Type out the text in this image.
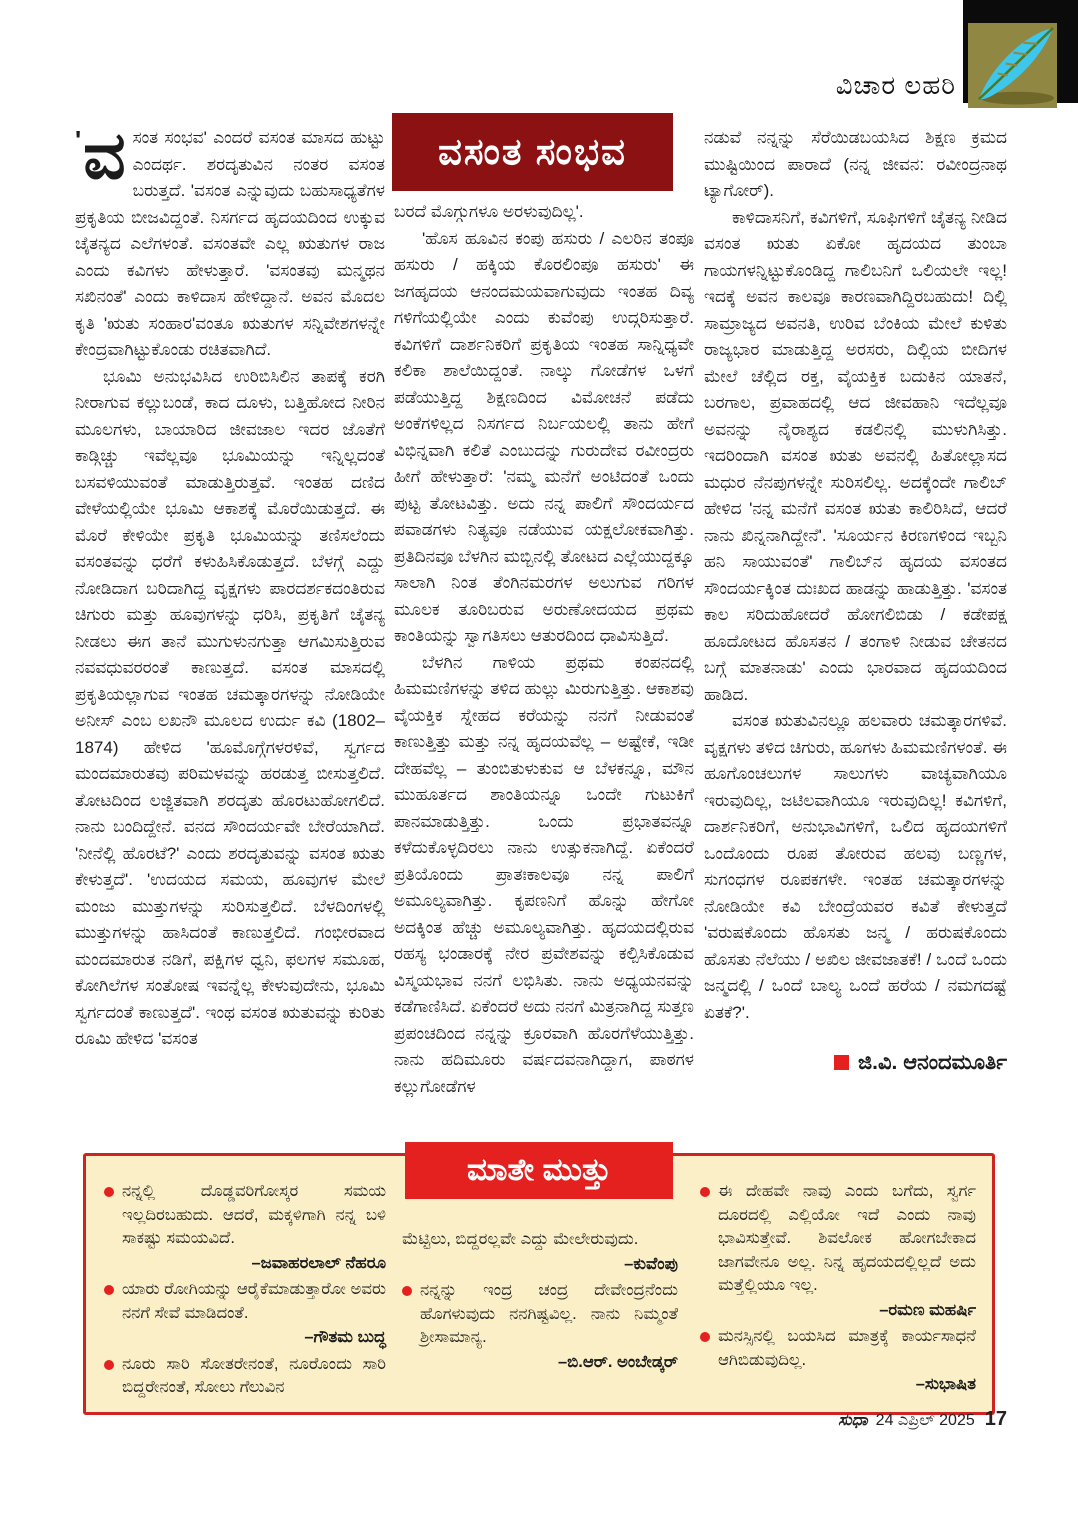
ವಿಚಾರ ಲಹರಿ
ವಸಂತ ಸಂಭವ

' ವ ಸಂತ ಸಂಭವ' ಎಂದರೆ ವಸಂತ ಮಾಸದ ಹುಟ್ಟು ಎಂದರ್ಥ. ಶರದೃತುವಿನ ನಂತರ ವಸಂತ ಬರುತ್ತದೆ. 'ವಸಂತ ಎನ್ನುವುದು ಬಹುಸಾಧ್ಯತೆಗಳ ಪ್ರಕೃತಿಯ ಬೀಜವಿದ್ದಂತೆ. ನಿಸರ್ಗದ ಹೃದಯದಿಂದ ಉಕ್ಕುವ ಚೈತನ್ಯದ ಎಲೆಗಳಂತೆ. ವಸಂತವೇ ಎಲ್ಲ ಋತುಗಳ ರಾಜ ಎಂದು ಕವಿಗಳು ಹೇಳುತ್ತಾರೆ. 'ವಸಂತವು ಮನ್ಮಥನ ಸಖಿನಂತೆ' ಎಂದು ಕಾಳಿದಾಸ ಹೇಳಿದ್ದಾನೆ. ಅವನ ಮೊದಲ ಕೃತಿ 'ಋತು ಸಂಹಾರ'ವಂತೂ ಋತುಗಳ ಸನ್ನಿವೇಶಗಳನ್ನೇ ಕೇಂದ್ರವಾಗಿಟ್ಟುಕೊಂಡು ರಚಿತವಾಗಿದೆ.

ಭೂಮಿ ಅನುಭವಿಸಿದ ಉರಿಬಿಸಿಲಿನ ತಾಪಕ್ಕೆ ಕರಗಿ ನೀರಾಗುವ ಕಲ್ಲುಬಂಡೆ, ಕಾದ ದೂಳು, ಬತ್ತಿಹೋದ ನೀರಿನ ಮೂಲಗಳು, ಬಾಯಾರಿದ ಜೀವಜಾಲ ಇದರ ಜೊತೆಗೆ ಕಾಡ್ಗಿಚ್ಚು ಇವೆಲ್ಲವೂ ಭೂಮಿಯನ್ನು ಇನ್ನಿಲ್ಲದಂತೆ ಬಸವಳಿಯುವಂತೆ ಮಾಡುತ್ತಿರುತ್ತವೆ. ಇಂತಹ ದಣಿದ ವೇಳೆಯಲ್ಲಿಯೇ ಭೂಮಿ ಆಕಾಶಕ್ಕೆ ಮೊರೆಯಿಡುತ್ತದೆ. ಈ ಮೊರೆ ಕೇಳಿಯೇ ಪ್ರಕೃತಿ ಭೂಮಿಯನ್ನು ತಣಿಸಲೆಂದು ವಸಂತವನ್ನು ಧರೆಗೆ ಕಳುಹಿಸಿಕೊಡುತ್ತದೆ. ಬೆಳಗ್ಗೆ ಎದ್ದು ನೋಡಿದಾಗ ಬರಿದಾಗಿದ್ದ ವೃಕ್ಷಗಳು ಪಾರದರ್ಶಕದಂತಿರುವ ಚಿಗುರು ಮತ್ತು ಹೂವುಗಳನ್ನು ಧರಿಸಿ, ಪ್ರಕೃತಿಗೆ ಚೈತನ್ಯ ನೀಡಲು ಈಗ ತಾನೆ ಮುಗುಳುನಗುತ್ತಾ ಆಗಮಿಸುತ್ತಿರುವ ನವವಧುವರರಂತೆ ಕಾಣುತ್ತದೆ. ವಸಂತ ಮಾಸದಲ್ಲಿ ಪ್ರಕೃತಿಯಲ್ಲಾಗುವ ಇಂತಹ ಚಮತ್ಕಾರಗಳನ್ನು ನೋಡಿಯೇ ಅನೀಸ್ ಎಂಬ ಲಖನೌ ಮೂಲದ ಉರ್ದು ಕವಿ (1802–1874) ಹೇಳಿದ 'ಹೂಮೊಗ್ಗೆಗಳರಳಿವೆ, ಸ್ವರ್ಗದ ಮಂದಮಾರುತವು ಪರಿಮಳವನ್ನು ಹರಡುತ್ತ ಬೀಸುತ್ತಲಿದೆ. ತೋಟದಿಂದ ಲಜ್ಜಿತವಾಗಿ ಶರದೃತು ಹೊರಟುಹೋಗಲಿದೆ. ನಾನು ಬಂದಿದ್ದೇನೆ. ವನದ ಸೌಂದರ್ಯವೇ ಬೇರೆಯಾಗಿದೆ. 'ನೀನೆಲ್ಲಿ ಹೊರಟೆ?' ಎಂದು ಶರದೃತುವನ್ನು ವಸಂತ ಋತು ಕೇಳುತ್ತದೆ'. 'ಉದಯದ ಸಮಯ, ಹೂವುಗಳ ಮೇಲೆ ಮಂಜು ಮುತ್ತುಗಳನ್ನು ಸುರಿಸುತ್ತಲಿದೆ. ಬೆಳದಿಂಗಳಲ್ಲಿ ಮುತ್ತುಗಳನ್ನು ಹಾಸಿದಂತೆ ಕಾಣುತ್ತಲಿದೆ. ಗಂಭೀರವಾದ ಮಂದಮಾರುತ ನಡಿಗೆ, ಪಕ್ಷಿಗಳ ಧ್ವನಿ, ಫಲಗಳ ಸಮೂಹ, ಕೋಗಿಲೆಗಳ ಸಂತೋಷ ಇವನ್ನೆಲ್ಲ ಕೇಳುವುದೇನು, ಭೂಮಿ ಸ್ವರ್ಗದಂತೆ ಕಾಣುತ್ತದೆ'. ಇಂಥ ವಸಂತ ಋತುವನ್ನು ಕುರಿತು ರೂಮಿ ಹೇಳಿದ 'ವಸಂತ

ಬರದೆ ಮೊಗ್ಗುಗಳೂ ಅರಳುವುದಿಲ್ಲ'.

'ಹೊಸ ಹೂವಿನ ಕಂಪು ಹಸುರು / ಎಲರಿನ ತಂಪೂ ಹಸುರು / ಹಕ್ಕಿಯ ಕೊರಲಿಂಪೂ ಹಸುರು' ಈ ಜಗಹೃದಯ ಆನಂದಮಯವಾಗುವುದು ಇಂತಹ ದಿವ್ಯ ಗಳಿಗೆಯಲ್ಲಿಯೇ ಎಂದು ಕುವೆಂಪು ಉದ್ಗರಿಸುತ್ತಾರೆ. ಕವಿಗಳಿಗೆ ದಾರ್ಶನಿಕರಿಗೆ ಪ್ರಕೃತಿಯ ಇಂತಹ ಸಾನ್ನಿಧ್ಯವೇ ಕಲಿಕಾ ಶಾಲೆಯಿದ್ದಂತೆ. ನಾಲ್ಕು ಗೋಡೆಗಳ ಒಳಗೆ ಪಡೆಯುತ್ತಿದ್ದ ಶಿಕ್ಷಣದಿಂದ ವಿಮೋಚನೆ ಪಡೆದು ಅಂಕೆಗಳಿಲ್ಲದ ನಿಸರ್ಗದ ನಿರ್ಬಯಲಲ್ಲಿ ತಾನು ಹೇಗೆ ವಿಭಿನ್ನವಾಗಿ ಕಲಿತೆ ಎಂಬುದನ್ನು ಗುರುದೇವ ರವೀಂದ್ರರು ಹೀಗೆ ಹೇಳುತ್ತಾರೆ: 'ನಮ್ಮ ಮನೆಗೆ ಅಂಟಿದಂತೆ ಒಂದು ಪುಟ್ಟ ತೋಟವಿತ್ತು. ಅದು ನನ್ನ ಪಾಲಿಗೆ ಸೌಂದರ್ಯದ ಪವಾಡಗಳು ನಿತ್ಯವೂ ನಡೆಯುವ ಯಕ್ಷಲೋಕವಾಗಿತ್ತು. ಪ್ರತಿದಿನವೂ ಬೆಳಗಿನ ಮಬ್ಬಿನಲ್ಲಿ ತೋಟದ ಎಲ್ಲೆಯುದ್ದಕ್ಕೂ ಸಾಲಾಗಿ ನಿಂತ ತೆಂಗಿನಮರಗಳ ಅಲುಗುವ ಗರಿಗಳ ಮೂಲಕ ತೂರಿಬರುವ ಅರುಣೋದಯದ ಪ್ರಥಮ ಕಾಂತಿಯನ್ನು ಸ್ವಾಗತಿಸಲು ಆತುರದಿಂದ ಧಾವಿಸುತ್ತಿದೆ.

ಬೆಳಗಿನ ಗಾಳಿಯ ಪ್ರಥಮ ಕಂಪನದಲ್ಲಿ ಹಿಮಮಣಿಗಳನ್ನು ತಳಿದ ಹುಲ್ಲು ಮಿರುಗುತ್ತಿತ್ತು. ಆಕಾಶವು ವೈಯಕ್ತಿಕ ಸ್ನೇಹದ ಕರೆಯನ್ನು ನನಗೆ ನೀಡುವಂತೆ ಕಾಣುತ್ತಿತ್ತು ಮತ್ತು ನನ್ನ ಹೃದಯವೆಲ್ಲ – ಅಷ್ಟೇಕೆ, ಇಡೀ ದೇಹವೆಲ್ಲ – ತುಂಬಿತುಳುಕುವ ಆ ಬೆಳಕನ್ನೂ, ಮೌನ ಮುಹೂರ್ತದ ಶಾಂತಿಯನ್ನೂ ಒಂದೇ ಗುಟುಕಿಗೆ ಪಾನಮಾಡುತ್ತಿತ್ತು. ಒಂದು ಪ್ರಭಾತವನ್ನೂ ಕಳೆದುಕೊಳ್ಳದಿರಲು ನಾನು ಉತ್ಸುಕನಾಗಿದ್ದೆ. ಏಕೆಂದರೆ ಪ್ರತಿಯೊಂದು ಪ್ರಾತಃಕಾಲವೂ ನನ್ನ ಪಾಲಿಗೆ ಅಮೂಲ್ಯವಾಗಿತ್ತು. ಕೃಪಣನಿಗೆ ಹೊನ್ನು ಹೇಗೋ ಅದಕ್ಕಿಂತ ಹೆಚ್ಚು ಅಮೂಲ್ಯವಾಗಿತ್ತು. ಹೃದಯದಲ್ಲಿರುವ ರಹಸ್ಯ ಭಂಡಾರಕ್ಕೆ ನೇರ ಪ್ರವೇಶವನ್ನು ಕಲ್ಪಿಸಿಕೊಡುವ ವಿಸ್ಮಯಭಾವ ನನಗೆ ಲಭಿಸಿತು. ನಾನು ಅಧ್ಯಯನವನ್ನು ಕಡೆಗಾಣಿಸಿದೆ. ಏಕೆಂದರೆ ಅದು ನನಗೆ ಮಿತ್ರನಾಗಿದ್ದ ಸುತ್ತಣ ಪ್ರಪಂಚದಿಂದ ನನ್ನನ್ನು ಕ್ರೂರವಾಗಿ ಹೊರಗೆಳೆಯುತ್ತಿತ್ತು. ನಾನು ಹದಿಮೂರು ವರ್ಷದವನಾಗಿದ್ದಾಗ, ಪಾಠಗಳ ಕಲ್ಲುಗೋಡೆಗಳ

ನಡುವೆ ನನ್ನನ್ನು ಸೆರೆಯಿಡಬಯಸಿದ ಶಿಕ್ಷಣ ಕ್ರಮದ ಮುಷ್ಟಿಯಿಂದ ಪಾರಾದೆ (ನನ್ನ ಜೀವನ: ರವೀಂದ್ರನಾಥ ಟ್ಯಾಗೋರ್).

ಕಾಳಿದಾಸನಿಗೆ, ಕವಿಗಳಿಗೆ, ಸೂಫಿಗಳಿಗೆ ಚೈತನ್ಯ ನೀಡಿದ ವಸಂತ ಋತು ಏಕೋ ಹೃದಯದ ತುಂಬಾ ಗಾಯಗಳನ್ನಿಟ್ಟುಕೊಂಡಿದ್ದ ಗಾಲಿಬನಿಗೆ ಒಲಿಯಲೇ ಇಲ್ಲ! ಇದಕ್ಕೆ ಅವನ ಕಾಲವೂ ಕಾರಣವಾಗಿದ್ದಿರಬಹುದು! ದಿಲ್ಲಿ ಸಾಮ್ರಾಜ್ಯದ ಅವನತಿ, ಉರಿವ ಬೆಂಕಿಯ ಮೇಲೆ ಕುಳಿತು ರಾಜ್ಯಭಾರ ಮಾಡುತ್ತಿದ್ದ ಅರಸರು, ದಿಲ್ಲಿಯ ಬೀದಿಗಳ ಮೇಲೆ ಚೆಲ್ಲಿದ ರಕ್ತ, ವೈಯಕ್ತಿಕ ಬದುಕಿನ ಯಾತನೆ, ಬರಗಾಲ, ಪ್ರವಾಹದಲ್ಲಿ ಆದ ಜೀವಹಾನಿ ಇದೆಲ್ಲವೂ ಅವನನ್ನು ನೈರಾಶ್ಯದ ಕಡಲಿನಲ್ಲಿ ಮುಳುಗಿಸಿತ್ತು. ಇದರಿಂದಾಗಿ ವಸಂತ ಋತು ಅವನಲ್ಲಿ ಹಿತೋಲ್ಲಾಸದ ಮಧುರ ನೆನಪುಗಳನ್ನೇ ಸುರಿಸಲಿಲ್ಲ. ಅದಕ್ಕೆಂದೇ ಗಾಲಿಬ್ ಹೇಳಿದ 'ನನ್ನ ಮನೆಗೆ ವಸಂತ ಋತು ಕಾಲಿರಿಸಿದೆ, ಆದರೆ ನಾನು ಖಿನ್ನನಾಗಿದ್ದೇನೆ'. 'ಸೂರ್ಯನ ಕಿರಣಗಳಿಂದ ಇಬ್ಬನಿ ಹನಿ ಸಾಯುವಂತೆ' ಗಾಲಿಬ್‌ನ ಹೃದಯ ವಸಂತದ ಸೌಂದರ್ಯಕ್ಕಿಂತ ದುಃಖದ ಹಾಡನ್ನು ಹಾಡುತ್ತಿತ್ತು. 'ವಸಂತ ಕಾಲ ಸರಿದುಹೋದರೆ ಹೋಗಲಿಬಿಡು / ಕಡೇಪಕ್ಷ ಹೂದೋಟದ ಹೊಸತನ / ತಂಗಾಳಿ ನೀಡುವ ಚೇತನದ ಬಗ್ಗೆ ಮಾತನಾಡು' ಎಂದು ಭಾರವಾದ ಹೃದಯದಿಂದ ಹಾಡಿದ.

ವಸಂತ ಋತುವಿನಲ್ಲೂ ಹಲವಾರು ಚಮತ್ಕಾರಗಳಿವೆ. ವೃಕ್ಷಗಳು ತಳಿದ ಚಿಗುರು, ಹೂಗಳು ಹಿಮಮಣಿಗಳಂತೆ. ಈ ಹೂಗೊಂಚಲುಗಳ ಸಾಲುಗಳು ವಾಚ್ಯವಾಗಿಯೂ ಇರುವುದಿಲ್ಲ, ಜಟಿಲವಾಗಿಯೂ ಇರುವುದಿಲ್ಲ! ಕವಿಗಳಿಗೆ, ದಾರ್ಶನಿಕರಿಗೆ, ಅನುಭಾವಿಗಳಿಗೆ, ಒಲಿದ ಹೃದಯಗಳಿಗೆ ಒಂದೊಂದು ರೂಪ ತೋರುವ ಹಲವು ಬಣ್ಣಗಳ, ಸುಗಂಧಗಳ ರೂಪಕಗಳೇ. ಇಂತಹ ಚಮತ್ಕಾರಗಳನ್ನು ನೋಡಿಯೇ ಕವಿ ಬೇಂದ್ರೆಯವರ ಕವಿತೆ ಕೇಳುತ್ತದೆ 'ವರುಷಕೊಂದು ಹೊಸತು ಜನ್ಮ / ಹರುಷಕೊಂದು ಹೊಸತು ನೆಲೆಯು / ಅಖಿಲ ಜೀವಜಾತಕೆ! / ಒಂದೆ ಒಂದು ಜನ್ಮದಲ್ಲಿ / ಒಂದೆ ಬಾಲ್ಯ ಒಂದೆ ಹರೆಯ / ನಮಗದಷ್ಟೆ ಏತಕೆ?'.

ಜಿ.ವಿ. ಆನಂದಮೂರ್ತಿ
ನನ್ನಲ್ಲಿ ದೊಡ್ಡವರಿಗೋಸ್ಕರ ಸಮಯ ಇಲ್ಲದಿರಬಹುದು. ಆದರೆ, ಮಕ್ಕಳಿಗಾಗಿ ನನ್ನ ಬಳಿ ಸಾಕಷ್ಟು ಸಮಯವಿದೆ.
–ಜವಾಹರಲಾಲ್ ನೆಹರೂ
ಯಾರು ರೋಗಿಯನ್ನು ಆರೈಕೆಮಾಡುತ್ತಾರೋ ಅವರು ನನಗೆ ಸೇವೆ ಮಾಡಿದಂತೆ.
–ಗೌತಮ ಬುದ್ಧ
ನೂರು ಸಾರಿ ಸೋತರೇನಂತೆ, ನೂರೊಂದು ಸಾರಿ ಬಿದ್ದರೇನಂತೆ, ಸೋಲು ಗೆಲುವಿನ
ಮೆಟ್ಟಿಲು, ಬಿದ್ದರಲ್ಲವೇ ಎದ್ದು ಮೇಲೇರುವುದು.
–ಕುವೆಂಪು
ನನ್ನನ್ನು ಇಂದ್ರ ಚಂದ್ರ ದೇವೇಂದ್ರನೆಂದು ಹೊಗಳುವುದು ನನಗಿಷ್ಟವಿಲ್ಲ. ನಾನು ನಿಮ್ಮಂತೆ ಶ್ರೀಸಾಮಾನ್ಯ.
–ಬಿ.ಆರ್. ಅಂಬೇಡ್ಕರ್
ಈ ದೇಹವೇ ನಾವು ಎಂದು ಬಗೆದು, ಸ್ವರ್ಗ ದೂರದಲ್ಲಿ ಎಲ್ಲಿಯೋ ಇದೆ ಎಂದು ನಾವು ಭಾವಿಸುತ್ತೇವೆ. ಶಿವಲೋಕ ಹೋಗಬೇಕಾದ ಜಾಗವೇನೂ ಅಲ್ಲ. ನಿನ್ನ ಹೃದಯದಲ್ಲಿಲ್ಲದೆ ಅದು ಮತ್ತೆಲ್ಲಿಯೂ ಇಲ್ಲ.
–ರಮಣ ಮಹರ್ಷಿ
ಮನಸ್ಸಿನಲ್ಲಿ ಬಯಸಿದ ಮಾತ್ರಕ್ಕೆ ಕಾರ್ಯಸಾಧನೆ ಆಗಿಬಿಡುವುದಿಲ್ಲ.
–ಸುಭಾಷಿತ
ಮಾತೇ ಮುತ್ತು
ಸುಧಾ 24 ಎಪ್ರಿಲ್ 2025 17
